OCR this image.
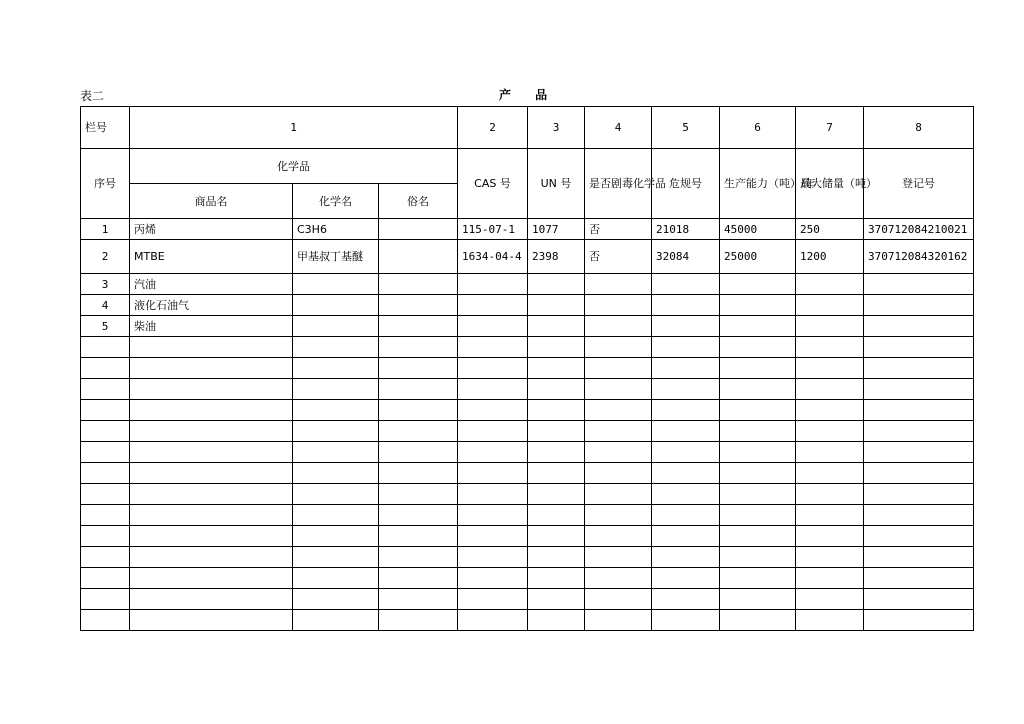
表二	产 品
栏号	1			2	3	4	5	6	7	8
序号	化学品			CAS 号	UN 号	是否剧毒化学品	危规号	生产能力（吨）/年	最大储量（吨）	登记号
	商品名	化学名	俗名							
1	丙烯	C3H6		115-07-1	1077	否	21018	45000	250	370712084210021
2	MTBE	甲基叔丁基醚		1634-04-4	2398	否	32084	25000	1200	370712084320162
3	汽油									
4	液化石油气									
5	柴油									
